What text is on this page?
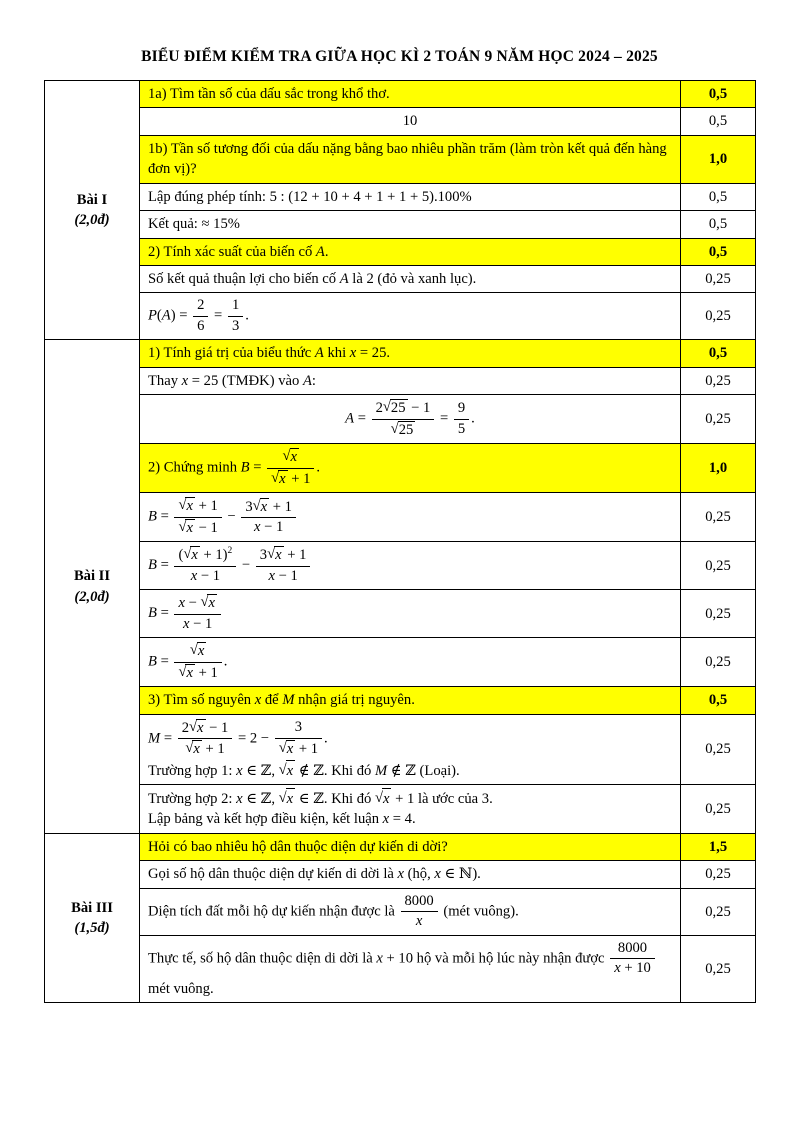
BIỂU ĐIỂM KIỂM TRA GIỮA HỌC KÌ 2 TOÁN 9 NĂM HỌC 2024 – 2025
Bài I
(2,0đ)	1a) Tìm tần số của dấu sắc trong khổ thơ.	0,5

	10	0,5

	1b) Tần số tương đối của dấu nặng bằng bao nhiêu phần trăm (làm tròn kết quả đến hàng đơn vị)?	1,0

	Lập đúng phép tính: 5 : (12 + 10 + 4 + 1 + 1 + 5).100%	0,5

	Kết quả: ≈ 15%	0,5

	2) Tính xác suất của biến cố A.	0,5

	Số kết quả thuận lợi cho biến cố A là 2 (đỏ và xanh lục).	0,25

$P(A) = \frac{2}{6} = \frac{1}{3}$ .	0,25

Bài II
(2,0đ)	1) Tính giá trị của biểu thức A khi x = 25.	0,5

	Thay x = 25 (TMĐK) vào A:	0,25

$A = \frac{2√25 - 1}{√25} = \frac{9}{5}$ .	0,25

	2) Chứng minh $B = \frac{√x}{√x + 1}$ .	1,0

$B = \frac{√x + 1}{√x - 1} - \frac{3√x + 1}{x - 1}$	0,25

$B = \frac{(√x + 1)^2}{x - 1} - \frac{3√x + 1}{x - 1}$	0,25

	$B = \frac{x - √x}{x - 1}$	0,25

	$B = \frac{√x}{√x + 1}$ .	0,25

	3) Tìm số nguyên x để M nhận giá trị nguyên.	0,5

$M = \frac{2√x - 1}{√x + 1} = 2 - \frac{3}{√x + 1}$ .
Trường hợp 1: x ∈ ℤ, √x ∉ ℤ. Khi đó M ∉ ℤ (Loại).
	0,25

	Trường hợp 2: x ∈ ℤ, √x ∈ ℤ. Khi đó √x + 1 là ước của 3.
Lập bảng và kết hợp điều kiện, kết luận x = 4.	0,25

Bài III
(1,5đ)	Hỏi có bao nhiêu hộ dân thuộc diện dự kiến di dời?	1,5

	Gọi số hộ dân thuộc diện dự kiến di dời là x (hộ, x ∈ ℕ).	0,25

	Diện tích đất mỗi hộ dự kiến nhận được là $\frac{8000}{x}$ (mét vuông).	0,25

	Thực tế, số hộ dân thuộc diện di dời là x + 10 hộ và mỗi hộ lúc này nhận được $\frac{8000}{x + 10}$
mét vuông.	0,25
